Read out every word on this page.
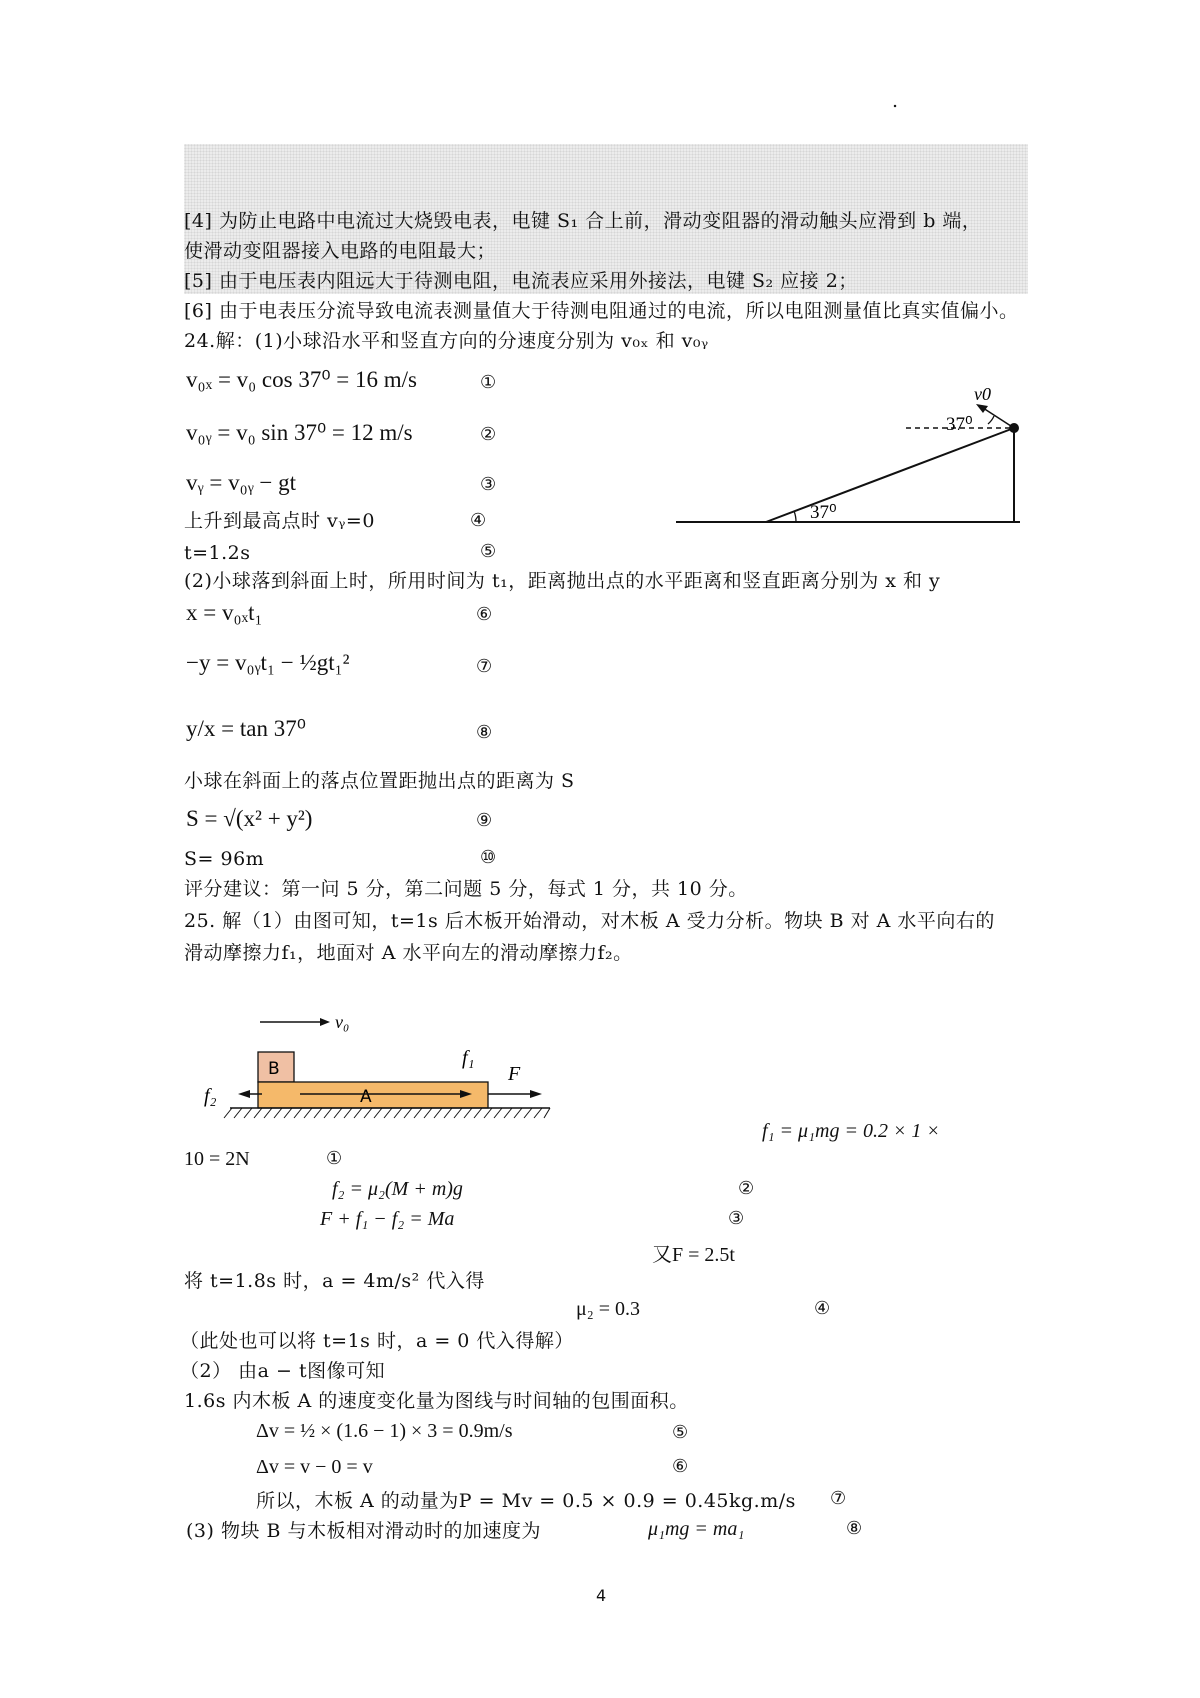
.
[4] 为防止电路中电流过大烧毁电表，电键 S₁ 合上前，滑动变阻器的滑动触头应滑到 b 端，
使滑动变阻器接入电路的电阻最大；
[5] 由于电压表内阻远大于待测电阻，电流表应采用外接法，电键 S₂ 应接 2；
[6] 由于电表压分流导致电流表测量值大于待测电阻通过的电流，所以电阻测量值比真实值偏小。
24.解：(1)小球沿水平和竖直方向的分速度分别为 v₀ₓ 和 v₀ᵧ
v₀ₓ = v₀ cos 37⁰ = 16 m/s	①
v₀ᵧ = v₀ sin 37⁰ = 12 m/s	②
vᵧ = v₀ᵧ − gt	③
上升到最高点时 vᵧ=0	④
t=1.2s	⑤
(2)小球落到斜面上时，所用时间为 t₁，距离抛出点的水平距离和竖直距离分别为 x 和 y
x = v₀ₓt₁	⑥
−y = v₀ᵧt₁ − ½gt₁²	⑦
y/x = tan 37⁰	⑧
小球在斜面上的落点位置距抛出点的距离为 S
S = √(x² + y²)	⑨
S= 96m	⑩
评分建议：第一问 5 分，第二问题 5 分，每式 1 分，共 10 分。
v0
37⁰
37⁰
25. 解（1）由图可知，t=1s 后木板开始滑动，对木板 A 受力分析。物块 B 对 A 水平向右的
滑动摩擦力f₁，地面对 A 水平向左的滑动摩擦力f₂。
v₀
B
A
f₂
f₁
F
f₁ = μ₁mg = 0.2 × 1 ×
10 = 2N	①
f₂ = μ₂(M + m)g	②
F + f₁ − f₂ = Ma	③
又F = 2.5t
将 t=1.8s 时，a = 4m/s² 代入得
μ₂ = 0.3	④
（此处也可以将 t=1s 时，a = 0 代入得解）
（2） 由a − t图像可知
1.6s 内木板 A 的速度变化量为图线与时间轴的包围面积。
Δv = ½ × (1.6 − 1) × 3 = 0.9m/s	⑤
Δv = v − 0 = v	⑥
所以，木板 A 的动量为P = Mv = 0.5 × 0.9 = 0.45kg.m/s ⑦
(3) 物块 B 与木板相对滑动时的加速度为	μ₁mg = ma₁	⑧
4
